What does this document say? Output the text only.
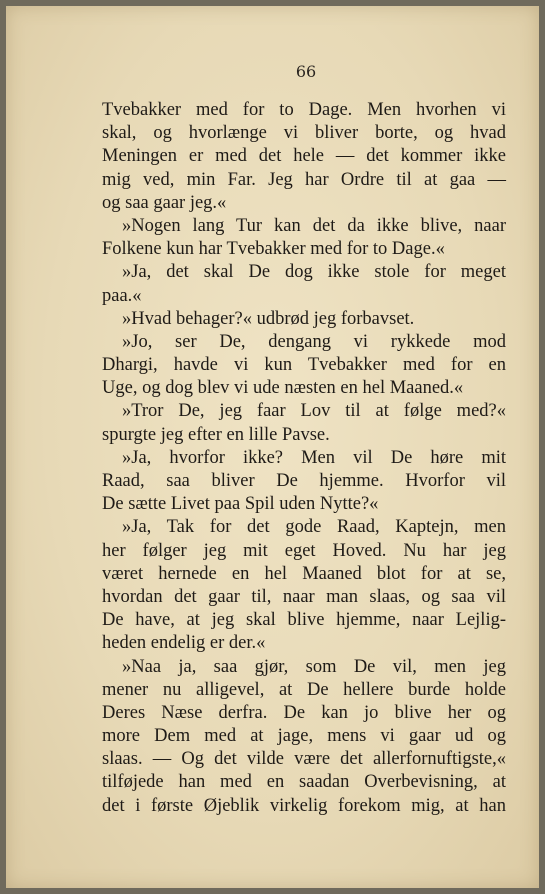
66
Tvebakker med for to Dage. Men hvorhen vi
skal, og hvorlænge vi bliver borte, og hvad
Meningen er med det hele — det kommer ikke
mig ved, min Far. Jeg har Ordre til at gaa —
og saa gaar jeg.«
»Nogen lang Tur kan det da ikke blive, naar
Folkene kun har Tvebakker med for to Dage.«
»Ja, det skal De dog ikke stole for meget
paa.«
»Hvad behager?« udbrød jeg forbavset.
»Jo, ser De, dengang vi rykkede mod
Dhargi, havde vi kun Tvebakker med for en
Uge, og dog blev vi ude næsten en hel Maaned.«
»Tror De, jeg faar Lov til at følge med?«
spurgte jeg efter en lille Pavse.
»Ja, hvorfor ikke? Men vil De høre mit
Raad, saa bliver De hjemme. Hvorfor vil
De sætte Livet paa Spil uden Nytte?«
»Ja, Tak for det gode Raad, Kaptejn, men
her følger jeg mit eget Hoved. Nu har jeg
været hernede en hel Maaned blot for at se,
hvordan det gaar til, naar man slaas, og saa vil
De have, at jeg skal blive hjemme, naar Lejlig-
heden endelig er der.«
»Naa ja, saa gjør, som De vil, men jeg
mener nu alligevel, at De hellere burde holde
Deres Næse derfra. De kan jo blive her og
more Dem med at jage, mens vi gaar ud og
slaas. — Og det vilde være det allerfornuftigste,«
tilføjede han med en saadan Overbevisning, at
det i første Øjeblik virkelig forekom mig, at han
